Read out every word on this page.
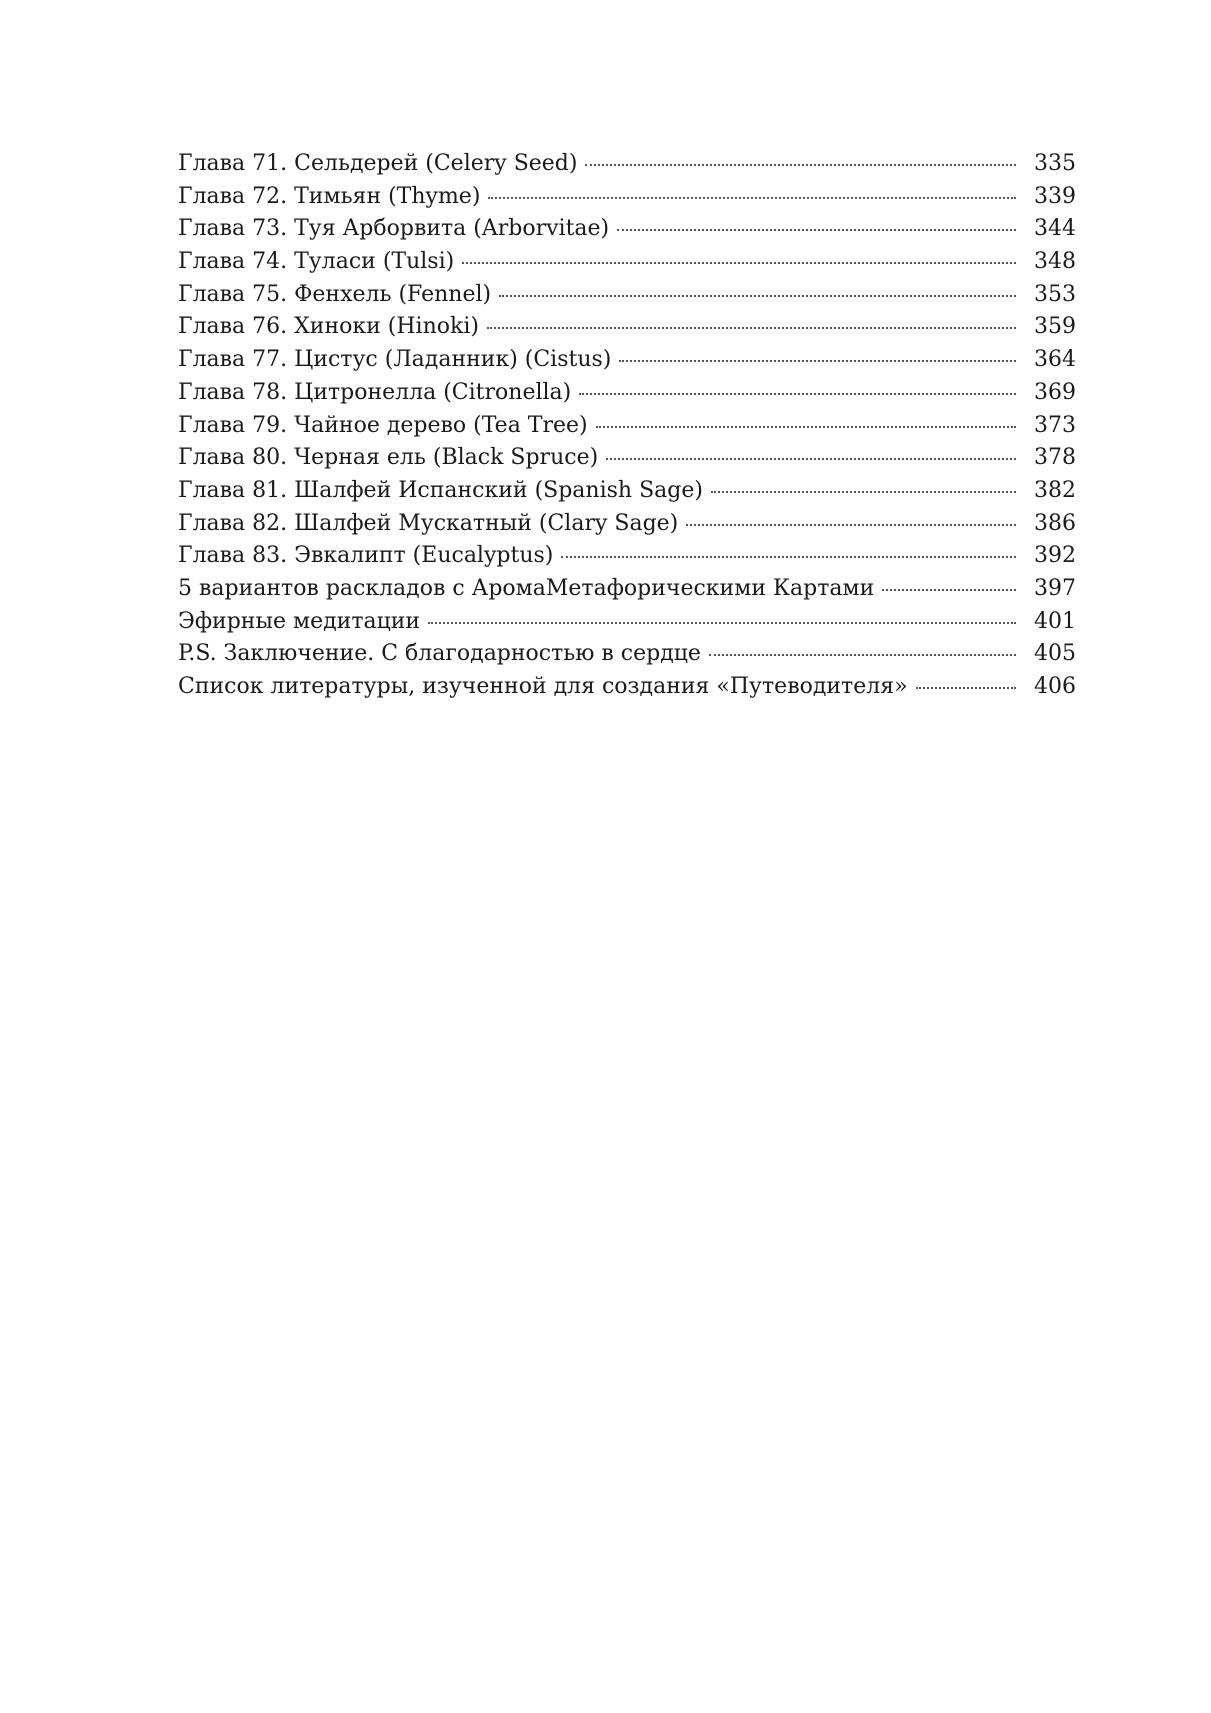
Глава 71. Сельдерей (Celery Seed)	335
Глава 72. Тимьян (Thyme)	339
Глава 73. Туя Арборвита (Arborvitae)	344
Глава 74. Туласи (Tulsi)	348
Глава 75. Фенхель (Fennel)	353
Глава 76. Хиноки (Hinoki)	359
Глава 77. Цистус (Ладанник) (Cistus)	364
Глава 78. Цитронелла (Citronella)	369
Глава 79. Чайное дерево (Tea Tree)	373
Глава 80. Черная ель (Black Spruce)	378
Глава 81. Шалфей Испанский (Spanish Sage)	382
Глава 82. Шалфей Мускатный (Clary Sage)	386
Глава 83. Эвкалипт (Eucalyptus)	392
5 вариантов раскладов с АромаМетафорическими Картами	397
Эфирные медитации	401
P.S. Заключение. С благодарностью в сердце	405
Список литературы, изученной для создания «Путеводителя»	406
